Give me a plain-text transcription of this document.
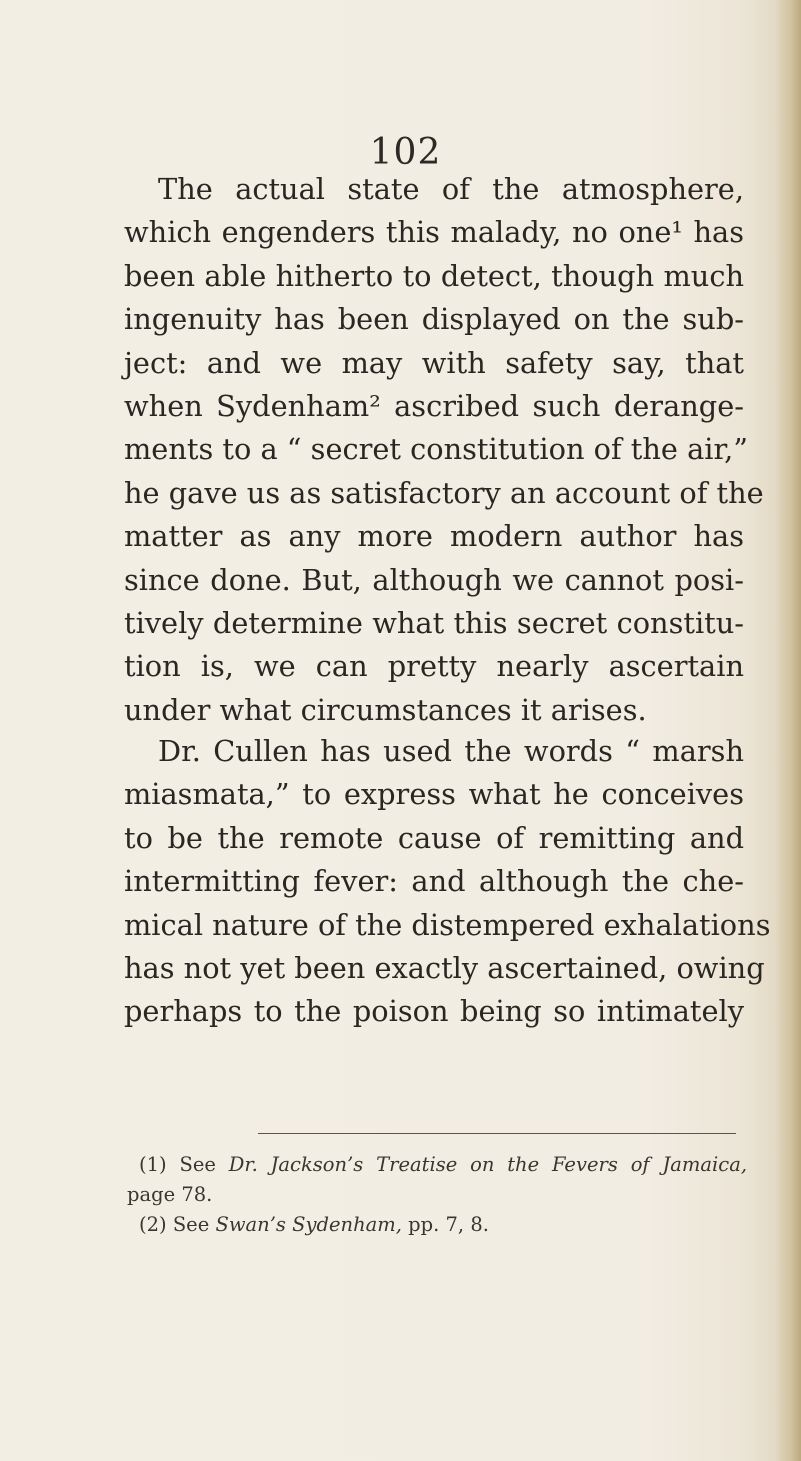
102
The actual state of the atmosphere,
which engenders this malady, no one¹ has
been able hitherto to detect, though much
ingenuity has been displayed on the sub-
ject: and we may with safety say, that
when Sydenham² ascribed such derange-
ments to a “ secret constitution of the air,”
he gave us as satisfactory an account of the
matter as any more modern author has
since done. But, although we cannot posi-
tively determine what this secret constitu-
tion is, we can pretty nearly ascertain
under what circumstances it arises.
Dr. Cullen has used the words “ marsh
miasmata,” to express what he conceives
to be the remote cause of remitting and
intermitting fever: and although the che-
mical nature of the distempered exhalations
has not yet been exactly ascertained, owing
perhaps to the poison being so intimately
(1) See Dr. Jackson’s Treatise on the Fevers of Jamaica,
page 78.
(2) See Swan’s Sydenham, pp. 7, 8.
